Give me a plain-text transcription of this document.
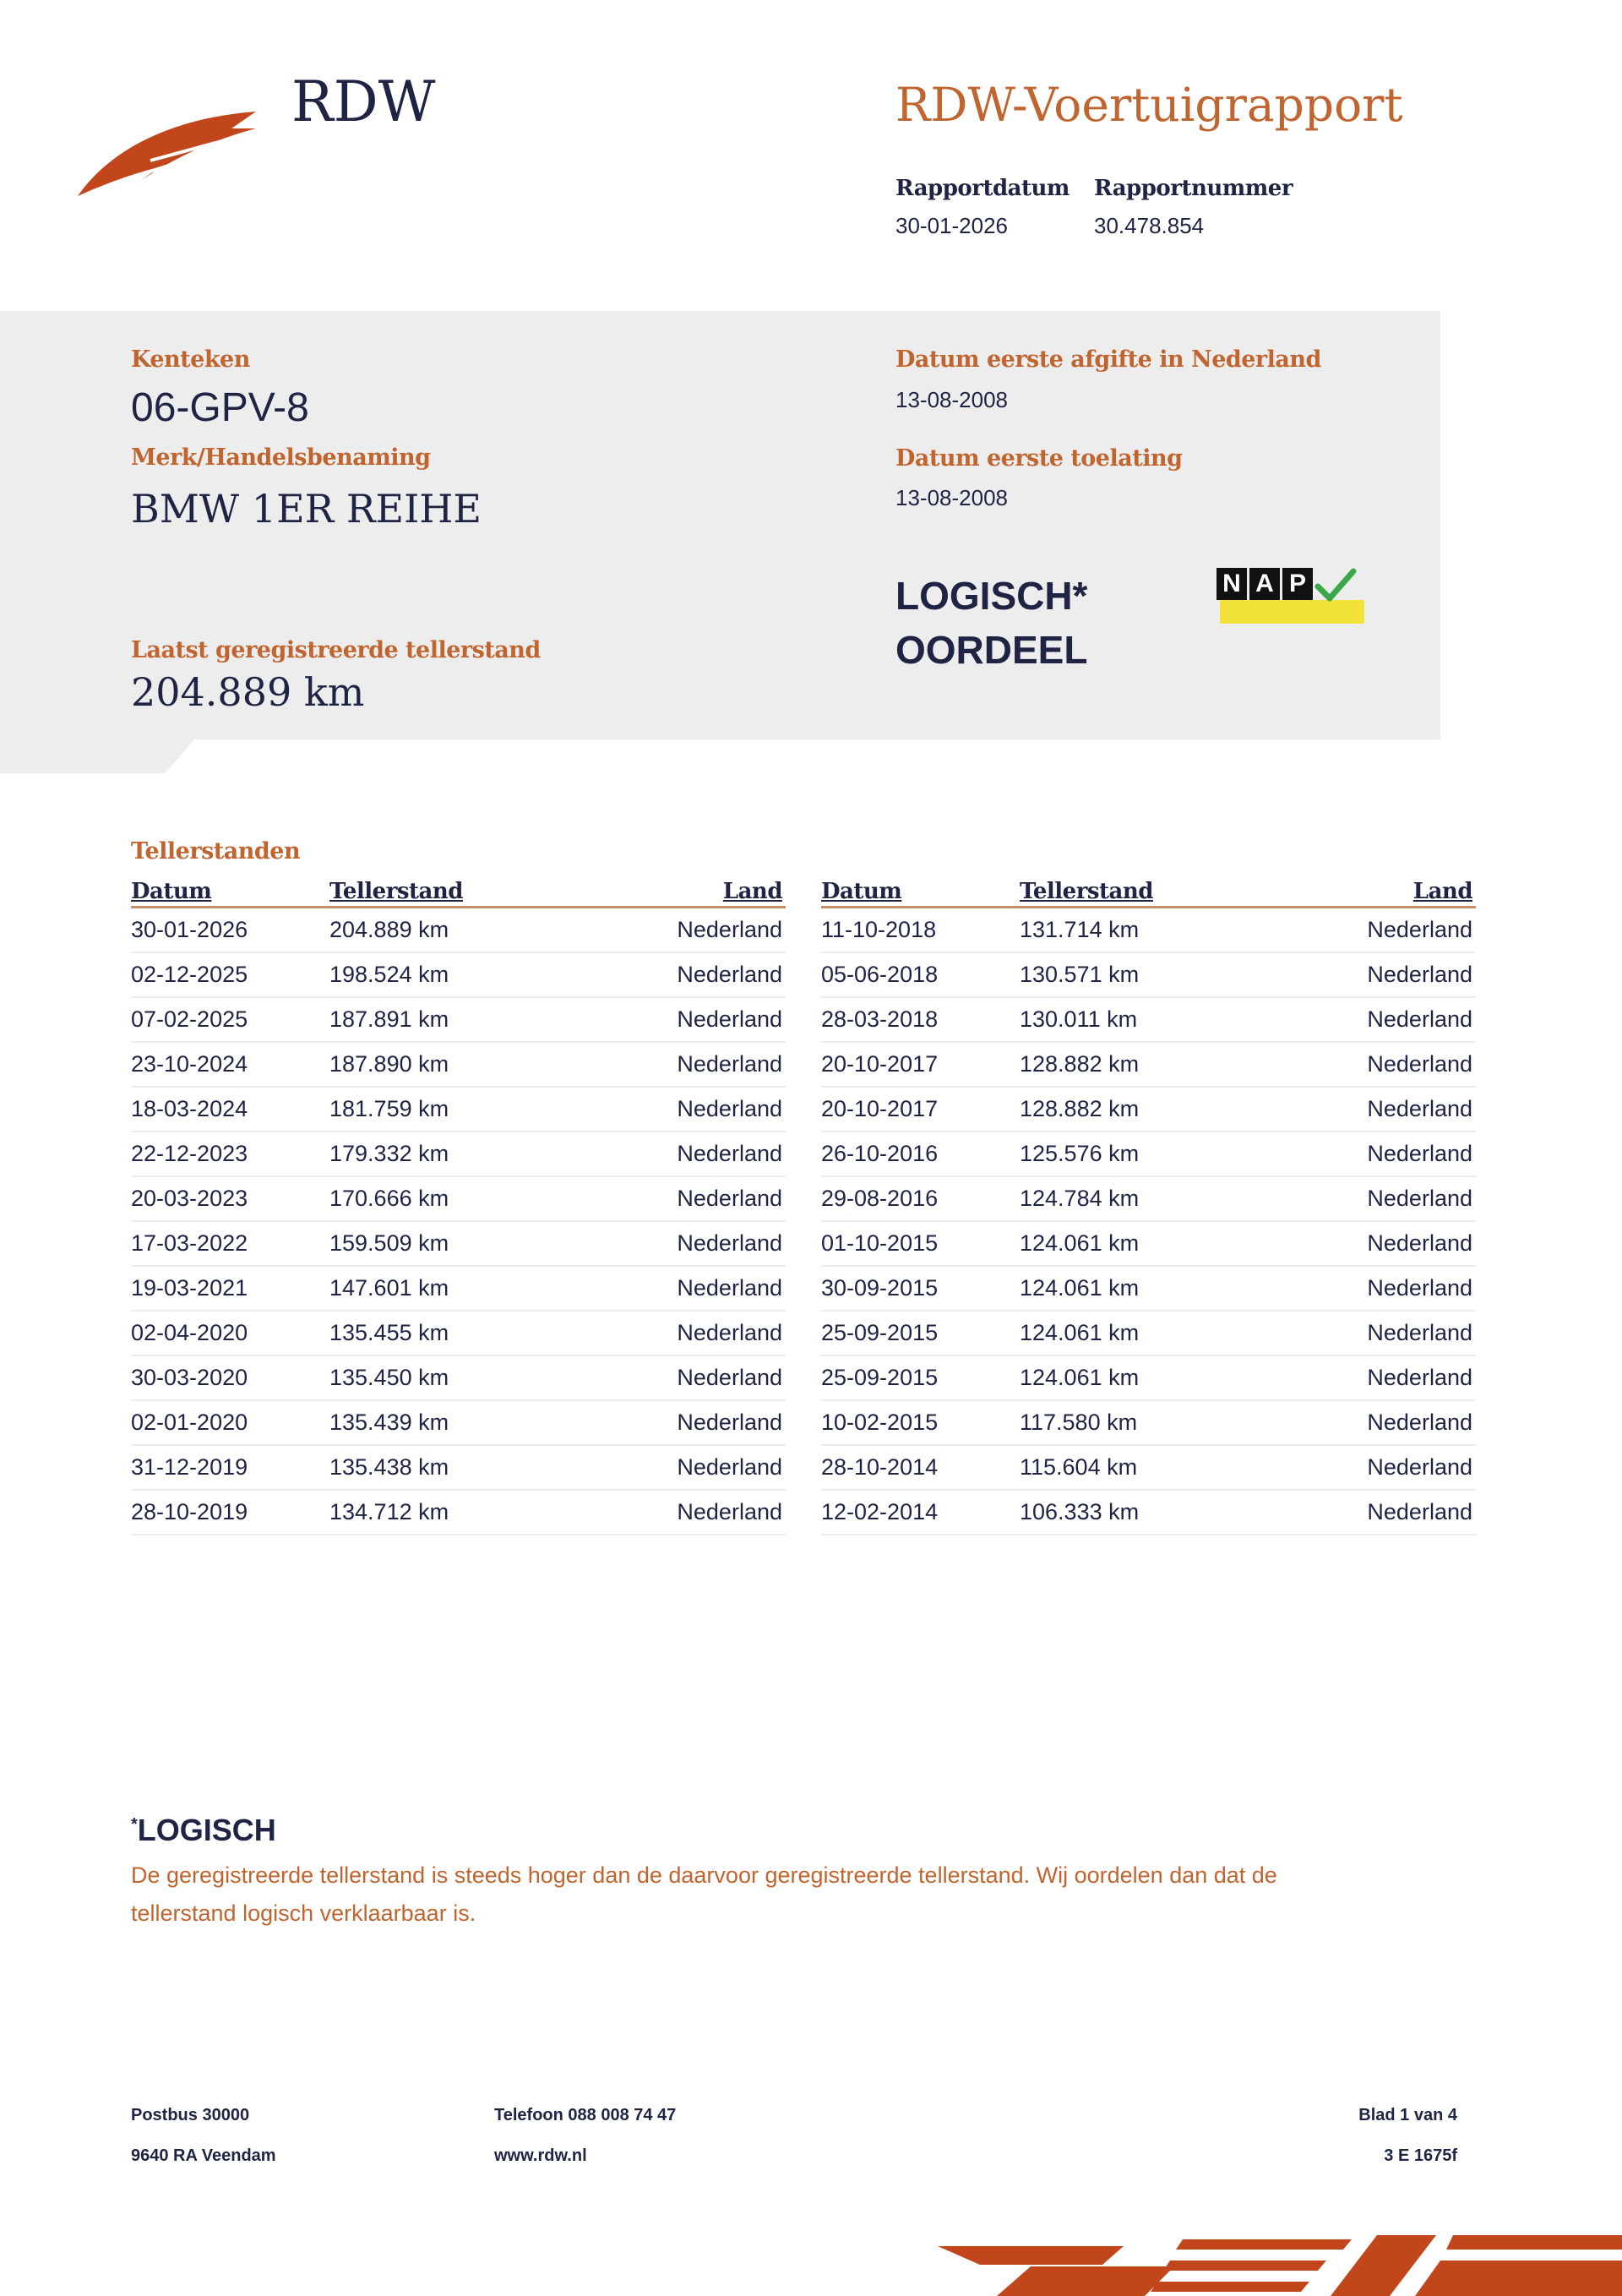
RDW	RDW-Voertuigrapport
Rapportdatum
30-01-2026
Rapportnummer
30.478.854
Kenteken
06-GPV-8
Merk/Handelsbenaming
BMW 1ER REIHE
Laatst geregistreerde tellerstand
204.889 km
Datum eerste afgifte in Nederland
13-08-2008
Datum eerste toelating
13-08-2008
LOGISCH*
OORDEEL
N A P
Tellerstanden
Datum	Tellerstand	Land
30-01-2026	204.889 km	Nederland
02-12-2025	198.524 km	Nederland
07-02-2025	187.891 km	Nederland
23-10-2024	187.890 km	Nederland
18-03-2024	181.759 km	Nederland
22-12-2023	179.332 km	Nederland
20-03-2023	170.666 km	Nederland
17-03-2022	159.509 km	Nederland
19-03-2021	147.601 km	Nederland
02-04-2020	135.455 km	Nederland
30-03-2020	135.450 km	Nederland
02-01-2020	135.439 km	Nederland
31-12-2019	135.438 km	Nederland
28-10-2019	134.712 km	Nederland
Datum	Tellerstand	Land
11-10-2018	131.714 km	Nederland
05-06-2018	130.571 km	Nederland
28-03-2018	130.011 km	Nederland
20-10-2017	128.882 km	Nederland
20-10-2017	128.882 km	Nederland
26-10-2016	125.576 km	Nederland
29-08-2016	124.784 km	Nederland
01-10-2015	124.061 km	Nederland
30-09-2015	124.061 km	Nederland
25-09-2015	124.061 km	Nederland
25-09-2015	124.061 km	Nederland
10-02-2015	117.580 km	Nederland
28-10-2014	115.604 km	Nederland
12-02-2014	106.333 km	Nederland
*LOGISCH
De geregistreerde tellerstand is steeds hoger dan de daarvoor geregistreerde tellerstand. Wij oordelen dan dat de
tellerstand logisch verklaarbaar is.
Postbus 30000
9640 RA Veendam
Telefoon 088 008 74 47
www.rdw.nl
Blad 1 van 4
3 E 1675f
